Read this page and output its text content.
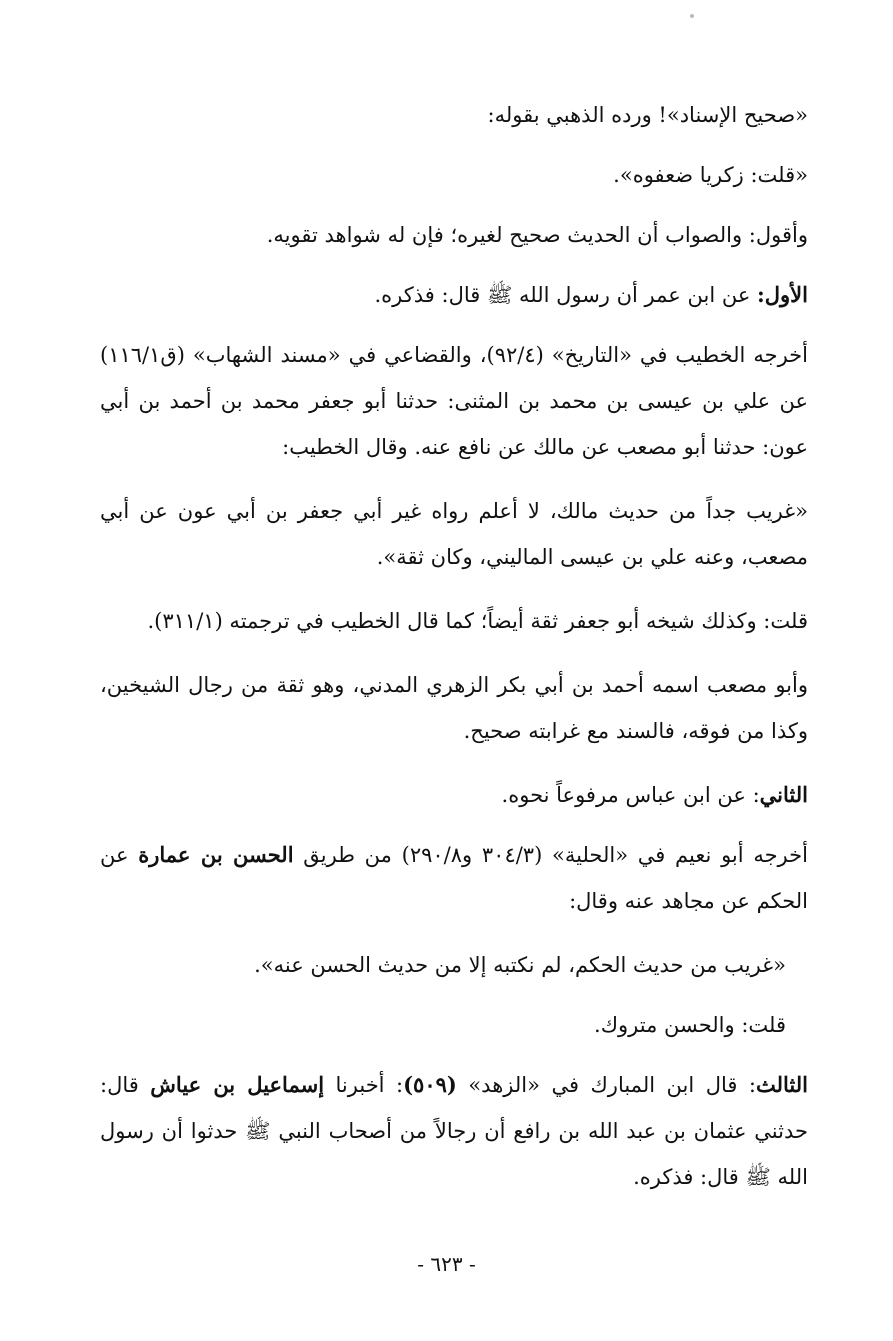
«صحيح الإسناد»! ورده الذهبي بقوله:

«قلت: زكريا ضعفوه».

وأقول: والصواب أن الحديث صحيح لغيره؛ فإن له شواهد تقويه.

الأول: عن ابن عمر أن رسول الله ﷺ قال: فذكره.

أخرجه الخطيب في «التاريخ» (٩٢/٤)، والقضاعي في «مسند الشهاب» (ق١١٦/١) عن علي بن عيسى بن محمد بن المثنى: حدثنا أبو جعفر محمد بن أحمد بن أبي عون: حدثنا أبو مصعب عن مالك عن نافع عنه. وقال الخطيب:

«غريب جداً من حديث مالك، لا أعلم رواه غير أبي جعفر بن أبي عون عن أبي مصعب، وعنه علي بن عيسى الماليني، وكان ثقة».

قلت: وكذلك شيخه أبو جعفر ثقة أيضاً؛ كما قال الخطيب في ترجمته (٣١١/١).

وأبو مصعب اسمه أحمد بن أبي بكر الزهري المدني، وهو ثقة من رجال الشيخين، وكذا من فوقه، فالسند مع غرابته صحيح.

الثاني: عن ابن عباس مرفوعاً نحوه.

أخرجه أبو نعيم في «الحلية» (٣٠٤/٣ و٢٩٠/٨) من طريق الحسن بن عمارة عن الحكم عن مجاهد عنه وقال:

«غريب من حديث الحكم، لم نكتبه إلا من حديث الحسن عنه».

قلت: والحسن متروك.

الثالث: قال ابن المبارك في «الزهد» (٥٠٩): أخبرنا إسماعيل بن عياش قال: حدثني عثمان بن عبد الله بن رافع أن رجالاً من أصحاب النبي ﷺ حدثوا أن رسول الله ﷺ قال: فذكره.

- ٦٢٣ -
